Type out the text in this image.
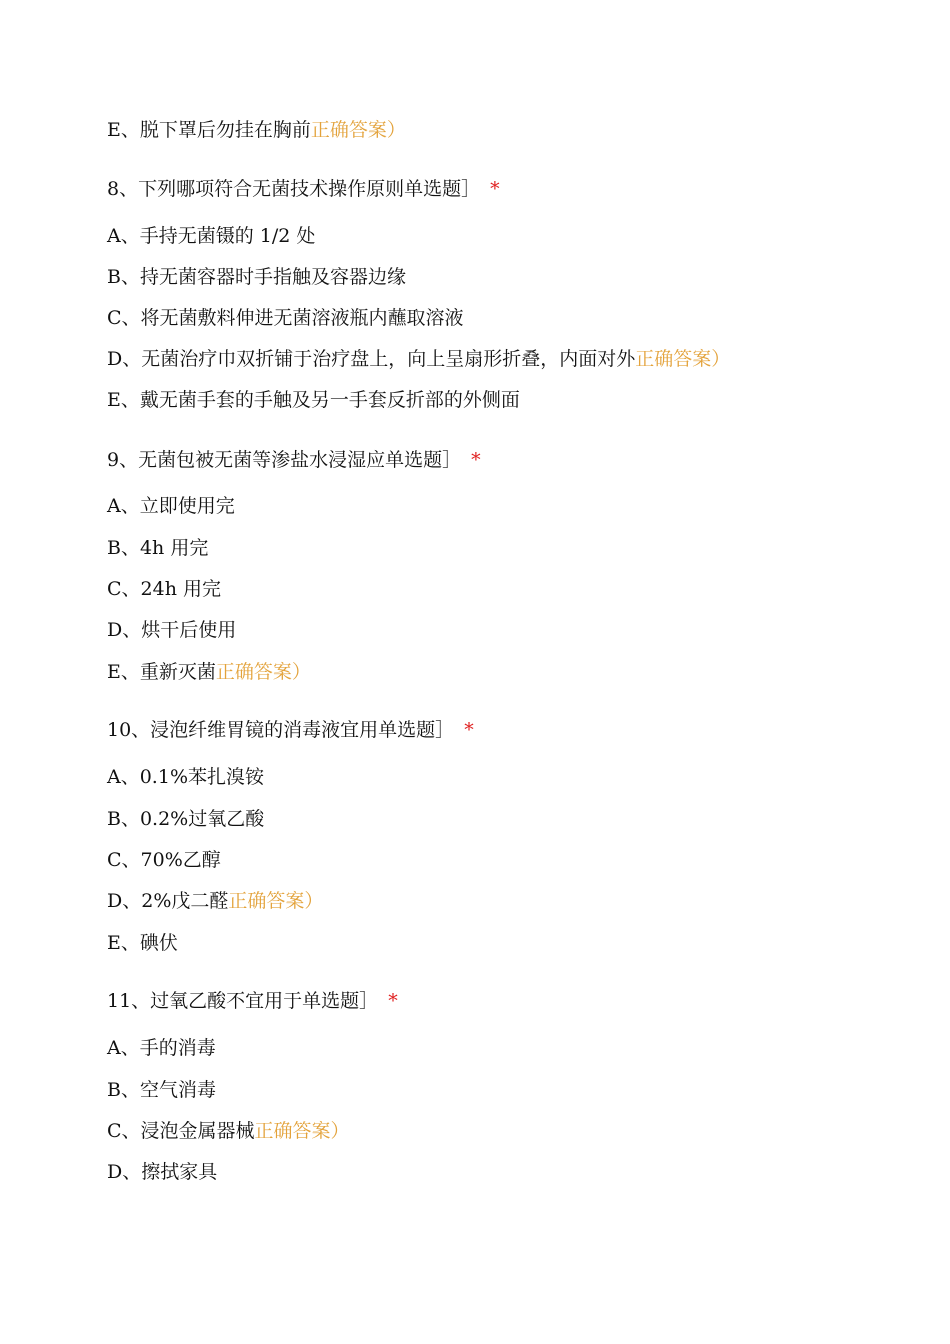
E、脱下罩后勿挂在胸前正确答案）
8、下列哪项符合无菌技术操作原则单选题］ *
A、手持无菌镊的 1/2 处
B、持无菌容器时手指触及容器边缘
C、将无菌敷料伸进无菌溶液瓶内蘸取溶液
D、无菌治疗巾双折铺于治疗盘上，向上呈扇形折叠，内面对外正确答案）
E、戴无菌手套的手触及另一手套反折部的外侧面
9、无菌包被无菌等渗盐水浸湿应单选题］ *
A、立即使用完
B、4h 用完
C、24h 用完
D、烘干后使用
E、重新灭菌正确答案）
10、浸泡纤维胃镜的消毒液宜用单选题］ *
A、0.1%苯扎溴铵
B、0.2%过氧乙酸
C、70%乙醇
D、2%戊二醛正确答案）
E、碘伏
11、过氧乙酸不宜用于单选题］ *
A、手的消毒
B、空气消毒
C、浸泡金属器械正确答案）
D、擦拭家具
